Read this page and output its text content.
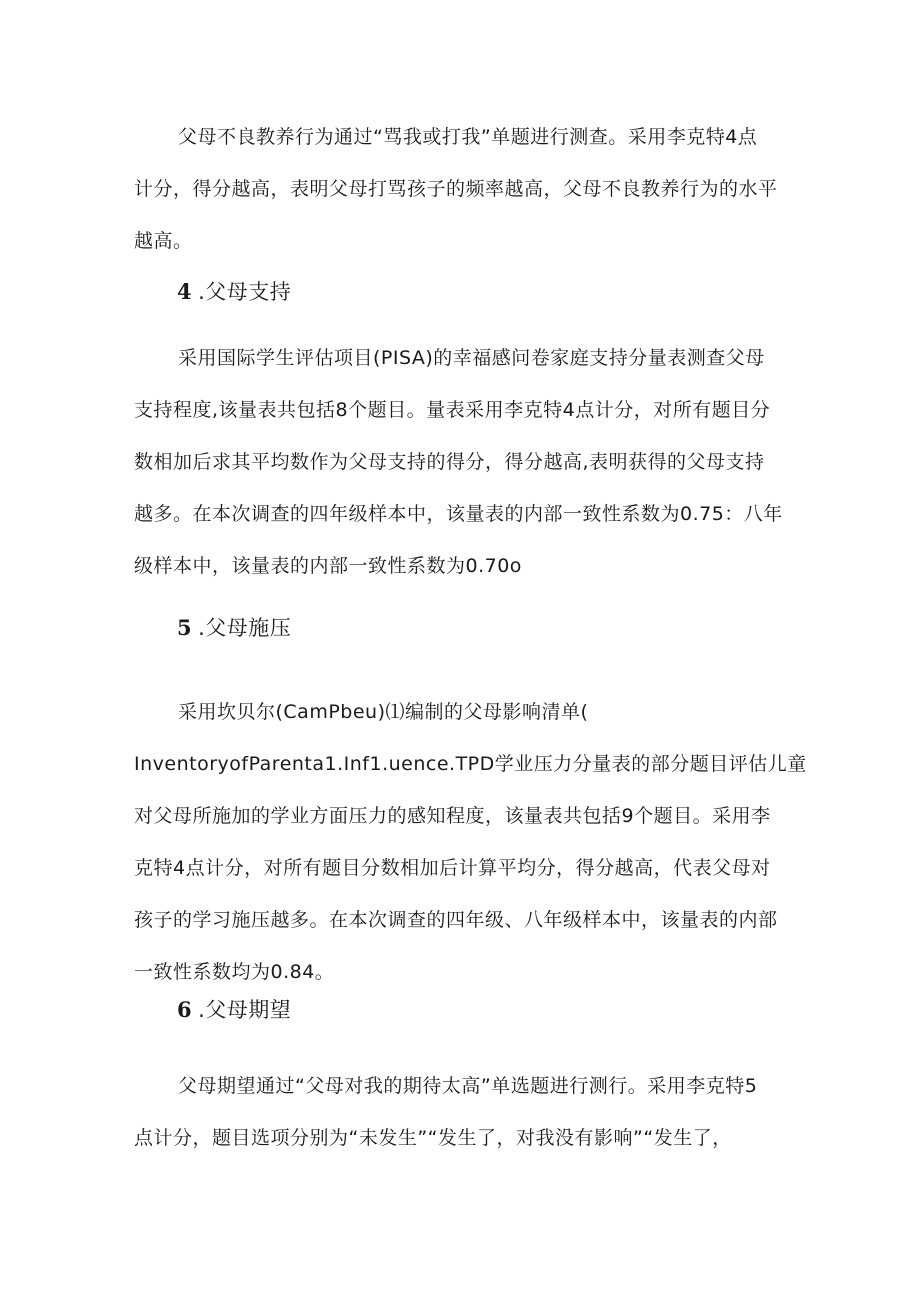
父母不良教养行为通过“骂我或打我”单题进行测查。采用李克特4点
计分，得分越高，表明父母打骂孩子的频率越高，父母不良教养行为的水平
越高。

4 .父母支持

采用国际学生评估项目(PISA)的幸福感问卷家庭支持分量表测查父母
支持程度,该量表共包括8个题目。量表采用李克特4点计分，对所有题目分
数相加后求其平均数作为父母支持的得分，得分越高,表明获得的父母支持
越多。在本次调查的四年级样本中，该量表的内部一致性系数为0.75：八年
级样本中，该量表的内部一致性系数为0.70o

5 .父母施压

采用坎贝尔(CamPbeu)⑴编制的父母影响清单(
InventoryofParenta1.Inf1.uence.TPD学业压力分量表的部分题目评估儿童
对父母所施加的学业方面压力的感知程度，该量表共包括9个题目。采用李
克特4点计分，对所有题目分数相加后计算平均分，得分越高，代表父母对
孩子的学习施压越多。在本次调查的四年级、八年级样本中，该量表的内部
一致性系数均为0.84。

6 .父母期望

父母期望通过“父母对我的期待太高”单选题进行测行。采用李克特5
点计分，题目选项分别为“未发生”“发生了，对我没有影响”“发生了，
